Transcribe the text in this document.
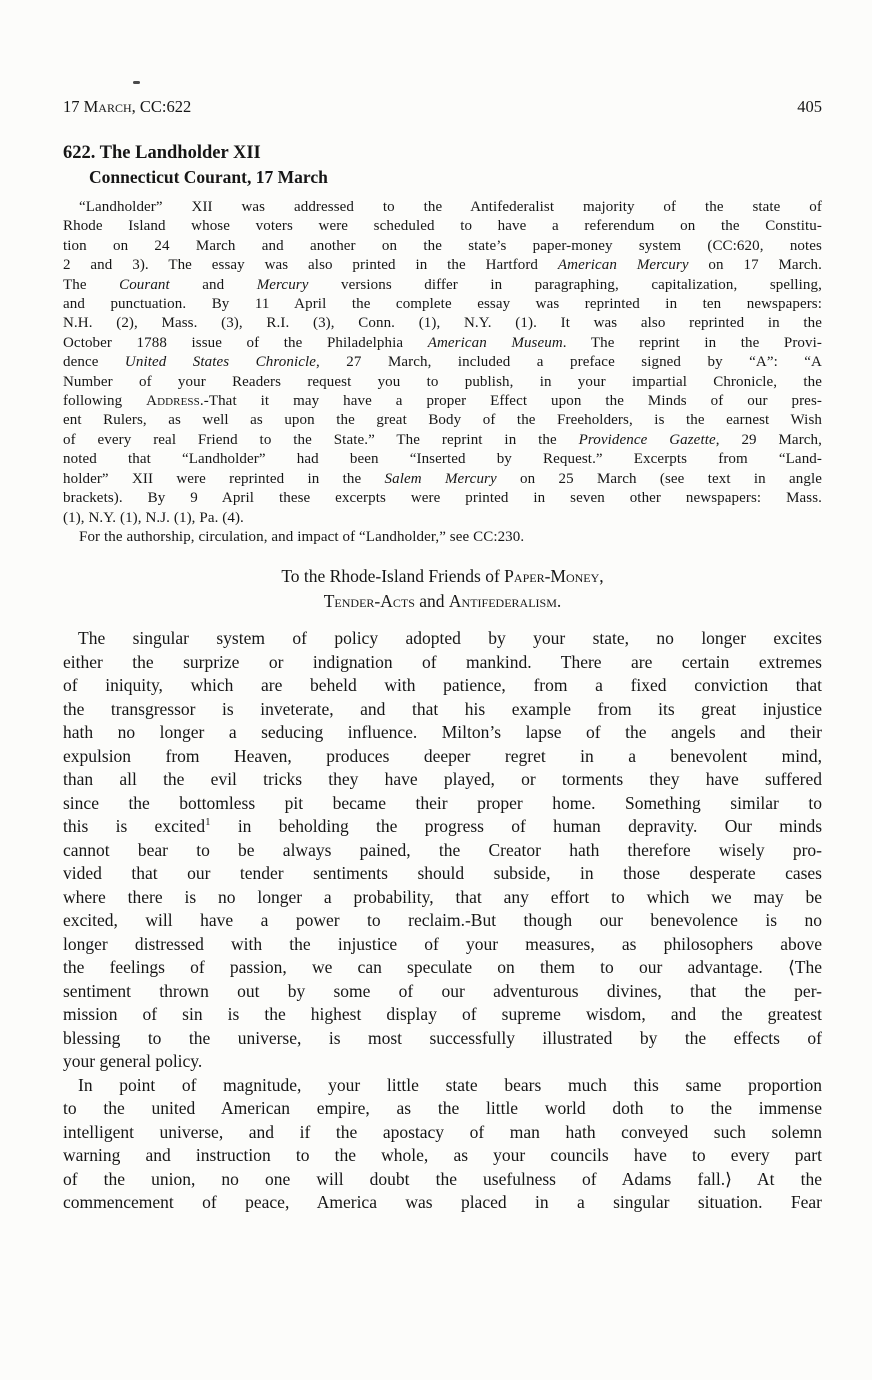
17 March, CC:622	405
622. The Landholder XII
Connecticut Courant, 17 March
“Landholder” XII was addressed to the Antifederalist majority of the state of
Rhode Island whose voters were scheduled to have a referendum on the Constitu-
tion on 24 March and another on the state’s paper-money system (CC:620, notes
2 and 3). The essay was also printed in the Hartford American Mercury on 17 March.
The Courant and Mercury versions differ in paragraphing, capitalization, spelling,
and punctuation. By 11 April the complete essay was reprinted in ten newspapers:
N.H. (2), Mass. (3), R.I. (3), Conn. (1), N.Y. (1). It was also reprinted in the
October 1788 issue of the Philadelphia American Museum. The reprint in the Provi-
dence United States Chronicle, 27 March, included a preface signed by “A”: “A
Number of your Readers request you to publish, in your impartial Chronicle, the
following Address.-That it may have a proper Effect upon the Minds of our pres-
ent Rulers, as well as upon the great Body of the Freeholders, is the earnest Wish
of every real Friend to the State.” The reprint in the Providence Gazette, 29 March,
noted that “Landholder” had been “Inserted by Request.” Excerpts from “Land-
holder” XII were reprinted in the Salem Mercury on 25 March (see text in angle
brackets). By 9 April these excerpts were printed in seven other newspapers: Mass.
(1), N.Y. (1), N.J. (1), Pa. (4).
For the authorship, circulation, and impact of “Landholder,” see CC:230.
To the Rhode-Island Friends of Paper-Money,
Tender-Acts and Antifederalism.
The singular system of policy adopted by your state, no longer excites
either the surprize or indignation of mankind. There are certain extremes
of iniquity, which are beheld with patience, from a fixed conviction that
the transgressor is inveterate, and that his example from its great injustice
hath no longer a seducing influence. Milton’s lapse of the angels and their
expulsion from Heaven, produces deeper regret in a benevolent mind,
than all the evil tricks they have played, or torments they have suffered
since the bottomless pit became their proper home. Something similar to
this is excited$^1$ in beholding the progress of human depravity. Our minds
cannot bear to be always pained, the Creator hath therefore wisely pro-
vided that our tender sentiments should subside, in those desperate cases
where there is no longer a probability, that any effort to which we may be
excited, will have a power to reclaim.-But though our benevolence is no
longer distressed with the injustice of your measures, as philosophers above
the feelings of passion, we can speculate on them to our advantage. ⟨The
sentiment thrown out by some of our adventurous divines, that the per-
mission of sin is the highest display of supreme wisdom, and the greatest
blessing to the universe, is most successfully illustrated by the effects of
your general policy.
In point of magnitude, your little state bears much this same proportion
to the united American empire, as the little world doth to the immense
intelligent universe, and if the apostacy of man hath conveyed such solemn
warning and instruction to the whole, as your councils have to every part
of the union, no one will doubt the usefulness of Adams fall.⟩ At the
commencement of peace, America was placed in a singular situation. Fear
